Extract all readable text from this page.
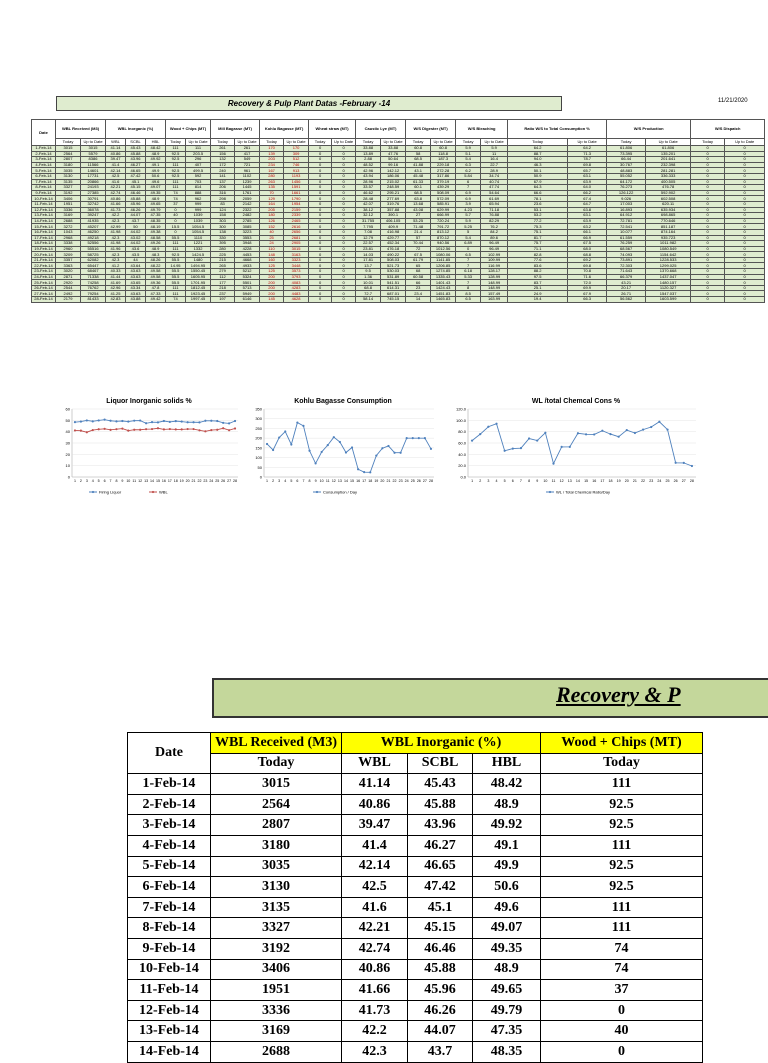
Recovery & Pulp Plant Datas -February -14	11/21/2020
Date	WBL Received (M3)		WBL Inorganic (%)			Wood + Chips (MT)		Mill Bagasse (MT)		Kohlu Bagasse (MT)		Wheat straw (MT)		Caustic Lye (MT)		W/S Digester (MT)		W/S Bleaching		Ratio W/S to Total Consumption %		W/S Production		W/S Dispatch	
	Today	Up to Date	WBL	SCBL	HBL	Today	Up to Date	Today	Up to Date	Today	Up to Date	Today	Up to Date	Today	Up to Date	Today	Up to Date	Today	Up to Date	Today	Up to Date	Today	Up to Date	Today	Up to Date
1-Feb-14	3015	3015	41.14	45.43	48.42	111	111	261	261	170	170	0	0	33.88	33.88	60.8	60.8	5.9	5.9	64.2	64.2	61.806	61.806	0	0
2-Feb-14	2564	5579	40.86	45.88	48.9	92.5	203.5	156	417	139	309	0	0	13.89	47.76	58	118.8	5.1	11	88.7	71.3	73.395	135.201	0	0
3-Feb-14	2807	8386	39.47	43.96	49.92	92.5	296	132	549	203	512	0	0	2.88	50.64	68.5	187.3	5.4	16.4	94.0	78.7	66.44	201.641	0	0
4-Feb-14	3180	11566	41.4	46.27	49.1	111	407	172	721	234	746	0	0	48.52	99.16	41.88	229.18	6.3	22.7	46.3	69.8	30.767	232.398	0	0
5-Feb-14	3035	14601	42.14	46.65	49.9	92.5	499.5	240	961	167	913	0	0	42.96	142.12	43.1	272.28	6.2	28.9	50.1	65.7	48.883	281.281	0	0
6-Feb-14	3130	17731	42.5	47.42	50.6	92.5	592	141	1102	280	1193	0	0	43.94	186.06	45.48	317.86	5.84	34.74	50.9	63.1	55.052	336.333	0	0
7-Feb-14	3135	20866	41.6	45.1	49.6	111	703	137	1239	263	1456	0	0	28.96	215.02	61.33	379.19	6	40.74	67.9	63.9	64.172	400.505	0	0
8-Feb-14	3327	24193	42.21	45.15	49.07	111	814	206	1445	135	1591	0	0	33.57	248.59	60.1	439.29	7	47.74	64.3	64.0	76.273	476.78	0	0
9-Feb-14	3192	27385	42.74	46.46	49.35	74	888	316	1761	70	1661	0	0	46.62	295.21	68.5	508.09	6.9	54.64	66.6	66.2	126.122	592.902	0	0
10-Feb-14	3406	30791	40.86	45.88	48.9	74	962	298	2059	129	1790	0	0	28.48	277.69	63.8	572.09	6.9	61.69	78.1	67.4	9.026	602.508	0	0
11-Feb-14	1951	32742	41.66	45.96	49.65	37	999	83	2142	164	1954	0	0	42.07	319.76	13.68	585.91	3.9	65.94	23.6	64.7	17.003	620.11	0	0
12-Feb-14	3336	36078	41.73	46.26	49.79	0	999	124	2322	205	2159	0	0	38.12	357.88	43.08	629.99	4.23	71.18	53.1	63.8	16.893	635.934	0	0
13-Feb-14	3169	39247	42.2	44.07	47.35	40	1039	158	2482	180	2339	0	0	32.12	390.1	27	666.99	5.7	76.88	53.2	63.1	64.912	698.865	0	0
14-Feb-14	2688	41935	42.3	43.7	48.35	0	1039	303	2785	126	2465	0	0	31.755	406.105	53.25	720.24	5.9	82.29	77.2	63.9	72.781	770.646	0	0
15-Feb-14	3272	45207	42.99	50	48.19	15.5	1054.5	300	3085	152	2616	0	0	7.795	409.9	71.48	791.72	5.25	76.2	75.3	63.2	72.541	851.187	0	0
16-Feb-14	1043	46250	41.98	44.02	49.38	0	1054.5	138	3223	40	2656	0	0	7.08	416.98	21.4	813.12	5	84.2	75.1	66.1	10.077	874.164	0	0
17-Feb-14	2968	49218	42.3	43.02	48.58	55.5	1110	330	3553	25	2681	0	0	12.79	429.77	57	870.12	5.4	89.6	81.7	66.9	61.559	935.723	0	0
18-Feb-14	3338	52556	41.98	44.02	49.26	111	1221	395	3948	24	2905	0	0	22.57	452.34	70.44	940.56	6.89	96.49	75.7	67.5	76.259	1011.982	0	0
19-Feb-14	2960	55516	41.96	43.6	48.9	111	1332	280	4228	110	3015	0	0	23.81	476.18	72	1012.56	0	96.49	71.1	68.0	68.567	1080.549	0	0
20-Feb-14	3209	58725	42.3	43.5	48.3	92.5	1424.5	225	4453	148	3163	0	0	14.03	490.22	67.5	1080.06	6.5	102.99	82.8	68.8	74.093	1154.642	0	0
21-Feb-14	3357	62082	42.3	44	48.26	55.5	1480	215	4668	160	3323	0	0	17.81	508.03	61.79	1141.85	7	109.99	77.6	69.2	73.891	1228.533	0	0
22-Feb-14	3363	65447	41.2	43.64	48.22	14.95	1494.95	265	4933	125	3448	0	0	13.7	521.73	65	1206.85	7	116.99	83.6	69.8	72.303	1299.025	0	0
23-Feb-14	3020	68467	40.33	43.63	49.58	55.5	1550.45	279	5212	125	3573	0	0	9.5	530.03	68	1274.85	6.18	128.17	88.2	70.8	71.643	1370.668	0	0
24-Feb-14	2871	71338	41.44	43.63	49.58	55.5	1605.95	112	5324	200	3793	0	0	1.36	531.89	60.58	1335.43	5.33	128.99	97.5	71.6	66.379	1437.047	0	0
25-Feb-14	2920	74258	41.69	43.65	49.36	55.5	1701.95	177	5501	200	4083	0	0	10.01	541.51	66	1401.43	7	148.99	83.7	72.0	43.21	1480.157	0	0
26-Feb-14	2544	76762	42.96	43.34	47.8	111	1812.45	218	5713	200	4283	0	0	68.8	614.31	23	1424.43	8	148.99	25.1	69.9	20.17	1120.327	0	0
27-Feb-14	2492	79254	41.25	43.63	47.33	111	1923.45	237	5949	200	4483	0	0	72.7	687.01	23.4	1451.83	8.5	157.49	24.9	67.9	26.71	1547.037	0	0
28-Feb-14	2179	81433	42.83	43.88	49.42	74	1997.45	197	6146	145	4628	0	0	58.14	745.15	14	1465.83	6.5	163.99	19.4	66.3	56.562	1603.599	0	0
Liquor Inorganic solids %
0
10
20
30
40
50
60
1 2 3 4 5 6 7 8 9 10 11 12 13 14 15 16 17 18 19 20 21 22 23 24 25 26 27 28
Firing Liquor	WBL
Kohlu Bagasse Consumption
0
50
100
150
200
250
300
350
1 2 3 4 5 6 7 8 9 10 11 12 13 14 15 16 17 18 19 20 21 22 23 24 25 26 27 28
Consumption / Day
WL /total Chemcal Cons %
0.0
20.0
40.0
60.0
80.0
100.0
120.0
1 2 3 4 5 6 7 8 9 10 11 12 13 14 15 16 17 18 19 20 21 22 23 24 25 26 27 28
WL / Total Chemical Ratio/Day
Recovery & P
Date	WBL Received (M3)	WBL Inorganic (%)			Wood + Chips (MT)
	Today	WBL	SCBL	HBL	Today
1-Feb-14	3015	41.14	45.43	48.42	111
2-Feb-14	2564	40.86	45.88	48.9	92.5
3-Feb-14	2807	39.47	43.96	49.92	92.5
4-Feb-14	3180	41.4	46.27	49.1	111
5-Feb-14	3035	42.14	46.65	49.9	92.5
6-Feb-14	3130	42.5	47.42	50.6	92.5
7-Feb-14	3135	41.6	45.1	49.6	111
8-Feb-14	3327	42.21	45.15	49.07	111
9-Feb-14	3192	42.74	46.46	49.35	74
10-Feb-14	3406	40.86	45.88	48.9	74
11-Feb-14	1951	41.66	45.96	49.65	37
12-Feb-14	3336	41.73	46.26	49.79	0
13-Feb-14	3169	42.2	44.07	47.35	40
14-Feb-14	2688	42.3	43.7	48.35	0
